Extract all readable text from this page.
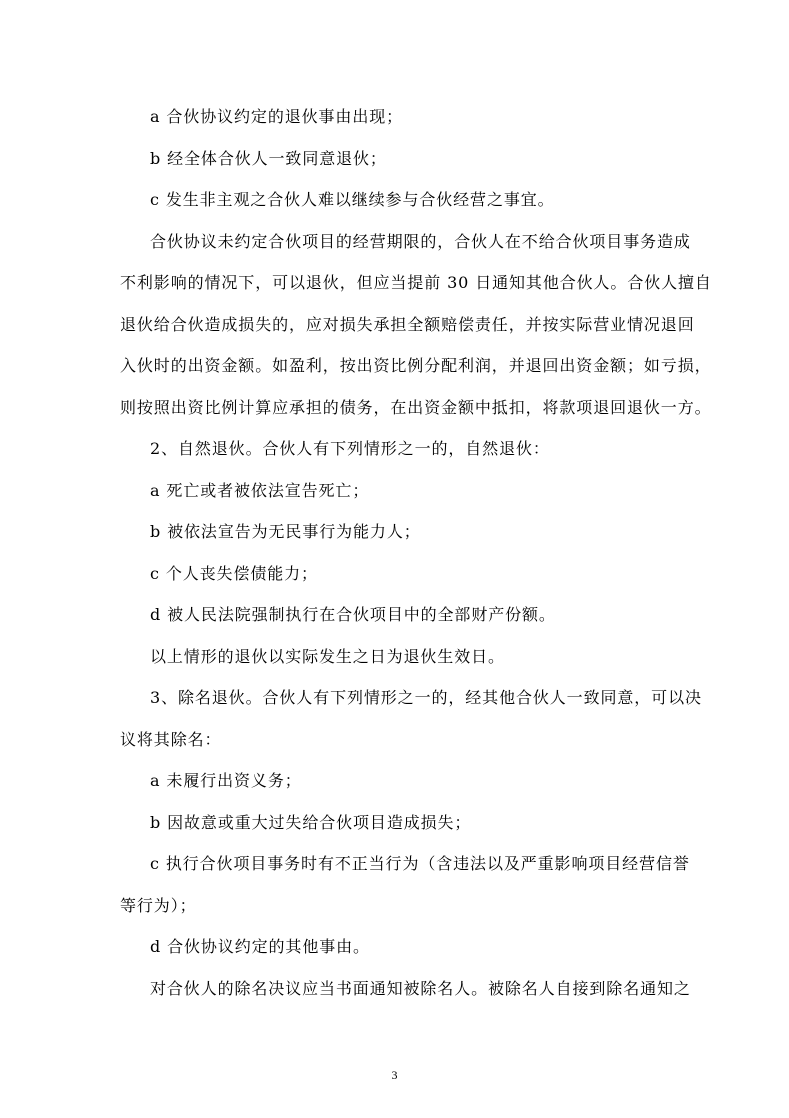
a 合伙协议约定的退伙事由出现；
b 经全体合伙人一致同意退伙；
c 发生非主观之合伙人难以继续参与合伙经营之事宜。
合伙协议未约定合伙项目的经营期限的，合伙人在不给合伙项目事务造成
不利影响的情况下，可以退伙，但应当提前 30 日通知其他合伙人。合伙人擅自
退伙给合伙造成损失的，应对损失承担全额赔偿责任，并按实际营业情况退回
入伙时的出资金额。如盈利，按出资比例分配利润，并退回出资金额；如亏损，
则按照出资比例计算应承担的债务，在出资金额中抵扣，将款项退回退伙一方。
2、自然退伙。合伙人有下列情形之一的，自然退伙：
a 死亡或者被依法宣告死亡；
b 被依法宣告为无民事行为能力人；
c 个人丧失偿债能力；
d 被人民法院强制执行在合伙项目中的全部财产份额。
以上情形的退伙以实际发生之日为退伙生效日。
3、除名退伙。合伙人有下列情形之一的，经其他合伙人一致同意，可以决
议将其除名：
a 未履行出资义务；
b 因故意或重大过失给合伙项目造成损失；
c 执行合伙项目事务时有不正当行为（含违法以及严重影响项目经营信誉
等行为）；
d 合伙协议约定的其他事由。
对合伙人的除名决议应当书面通知被除名人。被除名人自接到除名通知之
3
